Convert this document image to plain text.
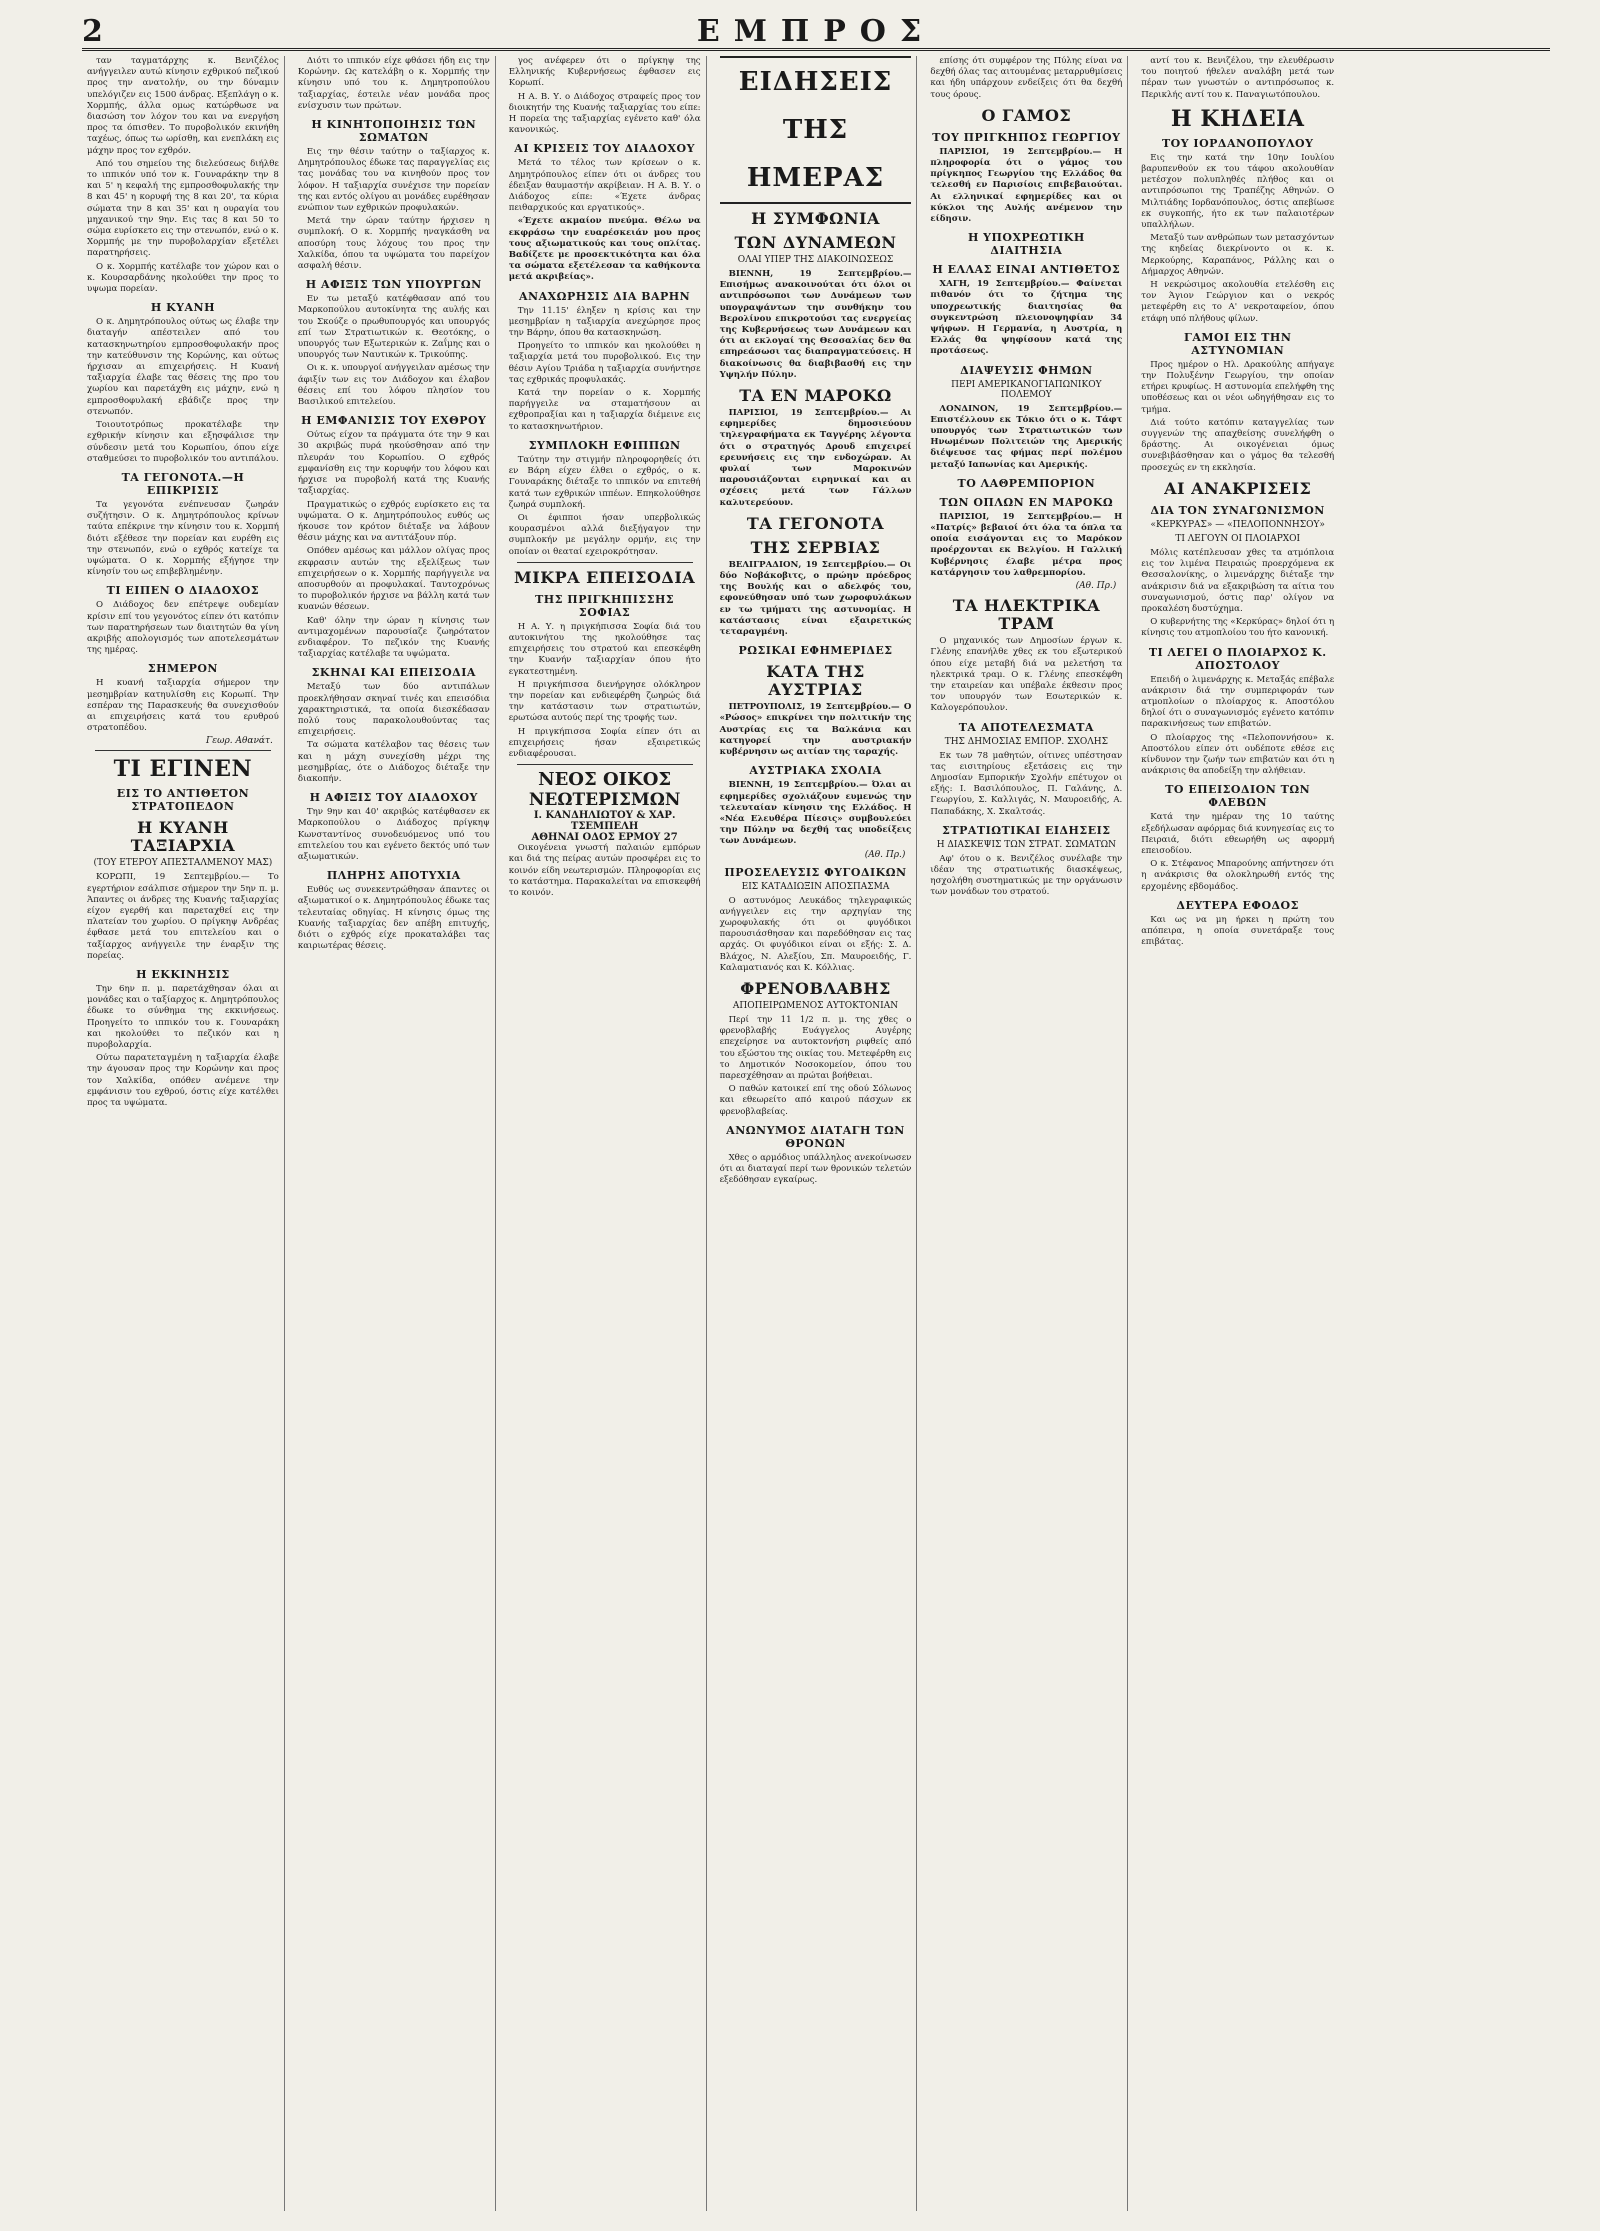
2	ΕΜΠΡΟΣ

ταν ταγματάρχης κ. Βενιζέλος ανήγγειλεν αυτώ κίνησιν εχθρικού πεζικού προς την ανατολήν, ου την δύναμιν υπελόγιζεν εις 1500 άνδρας. Εξεπλάγη ο κ. Χορμπής, άλλα ομως κατώρθωσε να διασώση τον λόχον του και να ενεργήση προς τα όπισθεν. Το πυροβολικόν εκινήθη ταχέως, όπως τω ωρίσθη, και ενεπλάκη εις μάχην προς τον εχθρόν.

Από του σημείου της διελεύσεως διήλθε το ιππικόν υπό τον κ. Γουναράκην την 8 και 5' η κεφαλή της εμπροσθοφυλακής την 8 και 45' η κορυφή της 8 και 20', τα κύρια σώματα την 8 και 35' και η ουραγία του μηχανικού την 9ην. Εις τας 8 και 50 το σώμα ευρίσκετο εις την στενωπόν, ενώ ο κ. Χορμπής με την πυροβολαρχίαν εξετέλει παρατηρήσεις.

Ο κ. Χορμπής κατέλαβε τον χώρον και ο κ. Κουρσαρδάνης ηκολούθει την προς το υψωμα πορείαν.

Η ΚΥΑΝΗ

Ο κ. Δημητρόπουλος ούτως ως έλαβε την διαταγήν απέστειλεν από του κατασκηνωτηρίου εμπροσθοφυλακήν προς την κατεύθυνσιν της Κορώνης, και ούτως ήρχισαν αι επιχειρήσεις. Η Κυανή ταξιαρχία έλαβε τας θέσεις της προ του χωρίου και παρετάχθη εις μάχην, ενώ η εμπροσθοφυλακή εβάδιζε προς την στενωπόν.

Τοιουτοτρόπως προκατέλαβε την εχθρικήν κίνησιν και εξησφάλισε την σύνδεσιν μετά του Κορωπίου, όπου είχε σταθμεύσει το πυροβολικόν του αντιπάλου.

ΤΑ ΓΕΓΟΝΟΤΑ.—Η ΕΠΙΚΡΙΣΙΣ

Τα γεγονότα ενέπνευσαν ζωηράν συζήτησιν. Ο κ. Δημητρόπουλος κρίνων ταύτα επέκρινε την κίνησιν του κ. Χορμπή διότι εξέθεσε την πορείαν και ευρέθη εις την στενωπόν, ενώ ο εχθρός κατείχε τα υψώματα. Ο κ. Χορμπής εξήγησε την κίνησίν του ως επιβεβλημένην.

ΤΙ ΕΙΠΕΝ Ο ΔΙΑΔΟΧΟΣ

Ο Διάδοχος δεν επέτρεψε ουδεμίαν κρίσιν επί του γεγονότος είπεν ότι κατόπιν των παρατηρήσεων των διαιτητών θα γίνη ακριβής απολογισμός των αποτελεσμάτων της ημέρας.

ΣΗΜΕΡΟΝ

Η κυανή ταξιαρχία σήμερον την μεσημβρίαν κατηυλίσθη εις Κορωπί. Την εσπέραν της Παρασκευής θα συνεχισθούν αι επιχειρήσεις κατά του ερυθρού στρατοπέδου.

Γεωρ. Αθανάτ.
ΤΙ ΕΓΙΝΕΝ
ΕΙΣ ΤΟ ΑΝΤΙΘΕΤΟΝ ΣΤΡΑΤΟΠΕΔΟΝ
Η ΚΥΑΝΗ ΤΑΞΙΑΡΧΙΑ
(ΤΟΥ ΕΤΕΡΟΥ ΑΠΕΣΤΑΛΜΕΝΟΥ ΜΑΣ)

ΚΟΡΩΠΙ, 19 Σεπτεμβρίου.— Το εγερτήριον εσάλπισε σήμερον την 5ην π. μ. Άπαντες οι άνδρες της Κυανής ταξιαρχίας είχον εγερθή και παρεταχθεί εις την πλατείαν του χωρίου. Ο πρίγκηψ Ανδρέας έφθασε μετά του επιτελείου και ο ταξίαρχος ανήγγειλε την έναρξιν της πορείας.

Η ΕΚΚΙΝΗΣΙΣ

Την 6ην π. μ. παρετάχθησαν όλαι αι μονάδες και ο ταξίαρχος κ. Δημητρόπουλος έδωκε το σύνθημα της εκκινήσεως. Προηγείτο το ιππικόν του κ. Γουναράκη και ηκολούθει το πεζικόν και η πυροβολαρχία.

Ούτω παρατεταγμένη η ταξιαρχία έλαβε την άγουσαν προς την Κορώνην και προς τον Χαλκίδα, οπόθεν ανέμενε την εμφάνισιν του εχθρού, όστις είχε κατέλθει προς τα υψώματα.

Διότι το ιππικόν είχε φθάσει ήδη εις την Κορώνην. Ως κατελάβη ο κ. Χορμπής την κίνησιν υπό του κ. Δημητροπούλου ταξιαρχίας, έστειλε νέαν μονάδα προς ενίσχυσιν των πρώτων.

Η ΚΙΝΗΤΟΠΟΙΗΣΙΣ ΤΩΝ ΣΩΜΑΤΩΝ

Εις την θέσιν ταύτην ο ταξίαρχος κ. Δημητρόπουλος έδωκε τας παραγγελίας εις τας μονάδας του να κινηθούν προς τον λόφον. Η ταξιαρχία συνέχισε την πορείαν της και εντός ολίγου αι μονάδες ευρέθησαν ενώπιον των εχθρικών προφυλακών.

Μετά την ώραν ταύτην ήρχισεν η συμπλοκή. Ο κ. Χορμπής ηναγκάσθη να αποσύρη τους λόχους του προς την Χαλκίδα, όπου τα υψώματα του παρείχον ασφαλή θέσιν.

Η ΑΦΙΞΙΣ ΤΩΝ ΥΠΟΥΡΓΩΝ

Εν τω μεταξύ κατέφθασαν από του Μαρκοπούλου αυτοκίνητα της αυλής και του Σκούζε ο πρωθυπουργός και υπουργός επί των Στρατιωτικών κ. Θεοτόκης, ο υπουργός των Εξωτερικών κ. Ζαΐμης και ο υπουργός των Ναυτικών κ. Τρικούπης.

Οι κ. κ. υπουργοί ανήγγειλαν αμέσως την άφιξίν των εις τον Διάδοχον και έλαβον θέσεις επί του λόφου πλησίον του Βασιλικού επιτελείου.

Η ΕΜΦΑΝΙΣΙΣ ΤΟΥ ΕΧΘΡΟΥ

Ούτως είχον τα πράγματα ότε την 9 και 30 ακριβώς πυρά ηκούσθησαν από την πλευράν του Κορωπίου. Ο εχθρός εμφανίσθη εις την κορυφήν του λόφου και ήρχισε να πυροβολή κατά της Κυανής ταξιαρχίας.

Πραγματικώς ο εχθρός ευρίσκετο εις τα υψώματα. Ο κ. Δημητρόπουλος ευθύς ως ήκουσε τον κρότον διέταξε να λάβουν θέσιν μάχης και να αντιτάξουν πύρ.

Οπόθεν αμέσως και μάλλον ολίγας προς εκφρασιν αυτών της εξελίξεως των επιχειρήσεων ο κ. Χορμπής παρήγγειλε να αποσυρθούν αι προφυλακαί. Ταυτοχρόνως το πυροβολικόν ήρχισε να βάλλη κατά των κυανών θέσεων.

Καθ' όλην την ώραν η κίνησις των αντιμαχομένων παρουσίαζε ζωηρότατον ενδιαφέρον. Το πεζικόν της Κυανής ταξιαρχίας κατέλαβε τα υψώματα.

ΣΚΗΝΑΙ ΚΑΙ ΕΠΕΙΣΟΔΙΑ

Μεταξύ των δύο αντιπάλων προεκλήθησαν σκηναί τινές και επεισόδια χαρακτηριστικά, τα οποία διεσκέδασαν πολύ τους παρακολουθούντας τας επιχειρήσεις.

Τα σώματα κατέλαβον τας θέσεις των και η μάχη συνεχίσθη μέχρι της μεσημβρίας, ότε ο Διάδοχος διέταξε την διακοπήν.

Η ΑΦΙΞΙΣ ΤΟΥ ΔΙΑΔΟΧΟΥ

Την 9ην και 40' ακριβώς κατέφθασεν εκ Μαρκοπούλου ο Διάδοχος πρίγκηψ Κωνσταντίνος συνοδευόμενος υπό του επιτελείου του και εγένετο δεκτός υπό των αξιωματικών.

ΠΛΗΡΗΣ ΑΠΟΤΥΧΙΑ

Ευθύς ως συνεκεντρώθησαν άπαντες οι αξιωματικοί ο κ. Δημητρόπουλος έδωκε τας τελευταίας οδηγίας. Η κίνησις όμως της Κυανής ταξιαρχίας δεν απέβη επιτυχής, διότι ο εχθρός είχε προκαταλάβει τας καιριωτέρας θέσεις.

γος ανέφερεν ότι ο πρίγκηψ της Ελληνικής Κυβερνήσεως έφθασεν εις Κορωπί.

Η Α. Β. Υ. ο Διάδοχος στραφείς προς τον διοικητήν της Κυανής ταξιαρχίας του είπε: Η πορεία της ταξιαρχίας εγένετο καθ' όλα κανονικώς.

ΑΙ ΚΡΙΣΕΙΣ ΤΟΥ ΔΙΑΔΟΧΟΥ

Μετά το τέλος των κρίσεων ο κ. Δημητρόπουλος είπεν ότι οι άνδρες του έδειξαν θαυμαστήν ακρίβειαν. Η Α. Β. Υ. ο Διάδοχος είπε: «Έχετε άνδρας πειθαρχικούς και εργατικούς».

«Έχετε ακμαίον πνεύμα. Θέλω να εκφράσω την ευαρέσκειάν μου προς τους αξιωματικούς και τους οπλίτας. Βαδίζετε με προσεκτικότητα και όλα τα σώματα εξετέλεσαν τα καθήκοντα μετά ακριβείας».

ΑΝΑΧΩΡΗΣΙΣ ΔΙΑ ΒΑΡΗΝ

Την 11.15' έληξεν η κρίσις και την μεσημβρίαν η ταξιαρχία ανεχώρησε προς την Βάρην, όπου θα κατασκηνώση.

Προηγείτο το ιππικόν και ηκολούθει η ταξιαρχία μετά του πυροβολικού. Εις την θέσιν Αγίου Τριάδα η ταξιαρχία συνήντησε τας εχθρικάς προφυλακάς.

Κατά την πορείαν ο κ. Χορμπής παρήγγειλε να σταματήσουν αι εχθροπραξίαι και η ταξιαρχία διέμεινε εις το κατασκηνωτήριον.

ΣΥΜΠΛΟΚΗ ΕΦΙΠΠΩΝ

Ταύτην την στιγμήν πληροφορηθείς ότι εν Βάρη είχεν έλθει ο εχθρός, ο κ. Γουναράκης διέταξε το ιππικόν να επιτεθή κατά των εχθρικών ιππέων. Επηκολούθησε ζωηρά συμπλοκή.

Οι έφιπποι ήσαν υπερβολικώς κουρασμένοι αλλά διεξήγαγον την συμπλοκήν με μεγάλην ορμήν, εις την οποίαν οι θεαταί εχειροκρότησαν.

ΜΙΚΡΑ ΕΠΕΙΣΟΔΙΑ
ΤΗΣ ΠΡΙΓΚΗΠΙΣΣΗΣ ΣΟΦΙΑΣ

Η Α. Υ. η πριγκήπισσα Σοφία διά του αυτοκινήτου της ηκολούθησε τας επιχειρήσεις του στρατού και επεσκέφθη την Κυανήν ταξιαρχίαν όπου ήτο εγκατεστημένη.

Η πριγκήπισσα διενήργησε ολόκληρον την πορείαν και ενδιεφέρθη ζωηρώς διά την κατάστασιν των στρατιωτών, ερωτώσα αυτούς περί της τροφής των.

Η πριγκήπισσα Σοφία είπεν ότι αι επιχειρήσεις ήσαν εξαιρετικώς ενδιαφέρουσαι.

ΝΕΟΣ ΟΙΚΟΣ
ΝΕΩΤΕΡΙΣΜΩΝ
Ι. ΚΑΝΔΗΛΙΩΤΟΥ & ΧΑΡ. ΤΣΕΜΠΕΛΗ
ΑΘΗΝΑΙ ΟΔΟΣ ΕΡΜΟΥ 27

Οικογένεια γνωστή παλαιών εμπόρων και διά της πείρας αυτών προσφέρει εις το κοινόν είδη νεωτερισμών. Πληροφορίαι εις το κατάστημα. Παρακαλείται να επισκεφθή το κοινόν.

ΕΙΔΗΣΕΙΣ ΤΗΣ ΗΜΕΡΑΣ
Η ΣΥΜΦΩΝΙΑ
ΤΩΝ ΔΥΝΑΜΕΩΝ
ΟΛΑΙ ΥΠΕΡ ΤΗΣ ΔΙΑΚΟΙΝΩΣΕΩΣ

ΒΙΕΝΝΗ, 19 Σεπτεμβρίου.— Επισήμως ανακοινούται ότι όλοι οι αντιπρόσωποι των Δυνάμεων των υπογραψάντων την συνθήκην του Βερολίνου επικροτούσι τας ενεργείας της Κυβερνήσεως των Δυνάμεων και ότι αι εκλογαί της Θεσσαλίας δεν θα επηρεάσωσι τας διαπραγματεύσεις. Η διακοίνωσις θα διαβιβασθή εις την Υψηλήν Πύλην.

ΤΑ ΕΝ ΜΑΡΟΚΩ

ΠΑΡΙΣΙΟΙ, 19 Σεπτεμβρίου.— Αι εφημερίδες δημοσιεύουν τηλεγραφήματα εκ Ταγγέρης λέγοντα ότι ο στρατηγός Δρουδ επιχειρεί ερευνήσεις εις την ενδοχώραν. Αι φυλαί των Μαροκινών παρουσιάζονται ειρηνικαί και αι σχέσεις μετά των Γάλλων καλυτερεύουν.

ΤΑ ΓΕΓΟΝΟΤΑ
ΤΗΣ ΣΕΡΒΙΑΣ

ΒΕΛΙΓΡΑΔΙΟΝ, 19 Σεπτεμβρίου.— Οι δύο Νοβάκοβιτς, ο πρώην πρόεδρος της Βουλής και ο αδελφός του, εφονεύθησαν υπό των χωροφυλάκων εν τω τμήματι της αστυνομίας. Η κατάστασις είναι εξαιρετικώς τεταραγμένη.

ΡΩΣΙΚΑΙ ΕΦΗΜΕΡΙΔΕΣ
ΚΑΤΑ ΤΗΣ ΑΥΣΤΡΙΑΣ

ΠΕΤΡΟΥΠΟΛΙΣ, 19 Σεπτεμβρίου.— Ο «Ρώσος» επικρίνει την πολιτικήν της Αυστρίας εις τα Βαλκάνια και κατηγορεί την αυστριακήν κυβέρνησιν ως αιτίαν της ταραχής.

ΑΥΣΤΡΙΑΚΑ ΣΧΟΛΙΑ

ΒΙΕΝΝΗ, 19 Σεπτεμβρίου.— Όλαι αι εφημερίδες σχολιάζουν ευμενώς την τελευταίαν κίνησιν της Ελλάδος. Η «Νέα Ελευθέρα Πίεσις» συμβουλεύει την Πύλην να δεχθή τας υποδείξεις των Δυνάμεων.

(Αθ. Πρ.)
ΠΡΟΣΕΛΕΥΣΙΣ ΦΥΓΟΔΙΚΩΝ
ΕΙΣ ΚΑΤΑΔΙΩΞΙΝ ΑΠΟΣΠΑΣΜΑ

Ο αστυνόμος Λευκάδος τηλεγραφικώς ανήγγειλεν εις την αρχηγίαν της χωροφυλακής ότι οι φυγόδικοι παρουσιάσθησαν και παρεδόθησαν εις τας αρχάς. Οι φυγόδικοι είναι οι εξής: Σ. Δ. Βλάχος, Ν. Αλεξίου, Σπ. Μαυροειδής, Γ. Καλαματιανός και Κ. Κόλλιας.

ΦΡΕΝΟΒΛΑΒΗΣ
ΑΠΟΠΕΙΡΩΜΕΝΟΣ ΑΥΤΟΚΤΟΝΙΑΝ

Περί την 11 1/2 π. μ. της χθες ο φρενοβλαβής Ευάγγελος Αυγέρης επεχείρησε να αυτοκτονήση ριφθείς από του εξώστου της οικίας του. Μετεφέρθη εις το Δημοτικόν Νοσοκομείον, όπου του παρεσχέθησαν αι πρώται βοήθειαι.

Ο παθών κατοικεί επί της οδού Σόλωνος και εθεωρείτο από καιρού πάσχων εκ φρενοβλαβείας.

ΑΝΩΝΥΜΟΣ ΔΙΑΤΑΓΗ ΤΩΝ ΘΡΟΝΩΝ

Χθες ο αρμόδιος υπάλληλος ανεκοίνωσεν ότι αι διαταγαί περί των θρονικών τελετών εξεδόθησαν εγκαίρως.

επίσης ότι συμφέρον της Πύλης είναι να δεχθή όλας τας αιτουμένας μεταρρυθμίσεις και ήδη υπάρχουν ενδείξεις ότι θα δεχθή τους όρους.

Ο ΓΑΜΟΣ
ΤΟΥ ΠΡΙΓΚΗΠΟΣ ΓΕΩΡΓΙΟΥ

ΠΑΡΙΣΙΟΙ, 19 Σεπτεμβρίου.— Η πληροφορία ότι ο γάμος του πρίγκηπος Γεωργίου της Ελλάδος θα τελεσθή εν Παρισίοις επιβεβαιούται. Αι ελληνικαί εφημερίδες και οι κύκλοι της Αυλής ανέμενον την είδησιν.

Η ΥΠΟΧΡΕΩΤΙΚΗ ΔΙΑΙΤΗΣΙΑ
Η ΕΛΛΑΣ ΕΙΝΑΙ ΑΝΤΙΘΕΤΟΣ

ΧΑΓΗ, 19 Σεπτεμβρίου.— Φαίνεται πιθανόν ότι το ζήτημα της υποχρεωτικής διαιτησίας θα συγκεντρώση πλειονοψηφίαν 34 ψήφων. Η Γερμανία, η Αυστρία, η Ελλάς θα ψηφίσουν κατά της προτάσεως.

ΔΙΑΨΕΥΣΙΣ ΦΗΜΩΝ
ΠΕΡΙ ΑΜΕΡΙΚΑΝΟΓΙΑΠΩΝΙΚΟΥ ΠΟΛΕΜΟΥ

ΛΟΝΔΙΝΟΝ, 19 Σεπτεμβρίου.— Επιστέλλουν εκ Τόκιο ότι ο κ. Τάφτ υπουργός των Στρατιωτικών των Ηνωμένων Πολιτειών της Αμερικής διέψευσε τας φήμας περί πολέμου μεταξύ Ιαπωνίας και Αμερικής.

ΤΟ ΛΑΘΡΕΜΠΟΡΙΟΝ
ΤΩΝ ΟΠΛΩΝ ΕΝ ΜΑΡΟΚΩ

ΠΑΡΙΣΙΟΙ, 19 Σεπτεμβρίου.— Η «Πατρίς» βεβαιοί ότι όλα τα όπλα τα οποία εισάγονται εις το Μαρόκον προέρχονται εκ Βελγίου. Η Γαλλική Κυβέρνησις έλαβε μέτρα προς κατάργησιν του λαθρεμπορίου.

(Αθ. Πρ.)
ΤΑ ΗΛΕΚΤΡΙΚΑ ΤΡΑΜ

Ο μηχανικός των Δημοσίων έργων κ. Γλένης επανήλθε χθες εκ του εξωτερικού όπου είχε μεταβή διά να μελετήση τα ηλεκτρικά τραμ. Ο κ. Γλένης επεσκέφθη την εταιρείαν και υπέβαλε έκθεσιν προς τον υπουργόν των Εσωτερικών κ. Καλογερόπουλον.

ΤΑ ΑΠΟΤΕΛΕΣΜΑΤΑ
ΤΗΣ ΔΗΜΟΣΙΑΣ ΕΜΠΟΡ. ΣΧΟΛΗΣ

Εκ των 78 μαθητών, οίτινες υπέστησαν τας εισιτηρίους εξετάσεις εις την Δημοσίαν Εμπορικήν Σχολήν επέτυχον οι εξής: Ι. Βασιλόπουλος, Π. Γαλάνης, Δ. Γεωργίου, Σ. Καλλιγάς, Ν. Μαυροειδής, Α. Παπαδάκης, Χ. Σκαλτσάς.

ΣΤΡΑΤΙΩΤΙΚΑΙ ΕΙΔΗΣΕΙΣ
Η ΔΙΑΣΚΕΨΙΣ ΤΩΝ ΣΤΡΑΤ. ΣΩΜΑΤΩΝ

Αφ' ότου ο κ. Βενιζέλος συνέλαβε την ιδέαν της στρατιωτικής διασκέψεως, ησχολήθη συστηματικώς με την οργάνωσιν των μονάδων του στρατού.

αντί του κ. Βενιζέλου, την ελευθέρωσιν του ποιητού ήθελεν αναλάβη μετά των πέραν των γνωστών ο αντιπρόσωπος κ. Περικλής αντί του κ. Παναγιωτόπουλου.

Η ΚΗΔΕΙΑ
ΤΟΥ ΙΟΡΔΑΝΟΠΟΥΛΟΥ

Εις την κατά την 10ην Ιουλίου βαρυπενθούν εκ του τάφου ακολουθίαν μετέσχον πολυπληθές πλήθος και οι αντιπρόσωποι της Τραπέζης Αθηνών. Ο Μιλτιάδης Ιορδανόπουλος, όστις απεβίωσε εκ συγκοπής, ήτο εκ των παλαιοτέρων υπαλλήλων.

Μεταξύ των ανθρώπων των μετασχόντων της κηδείας διεκρίνοντο οι κ. κ. Μερκούρης, Καραπάνος, Ράλλης και ο Δήμαρχος Αθηνών.

Η νεκρώσιμος ακολουθία ετελέσθη εις τον Άγιον Γεώργιον και ο νεκρός μετεφέρθη εις το Α' νεκροταφείον, όπου ετάφη υπό πλήθους φίλων.

ΓΑΜΟΙ ΕΙΣ ΤΗΝ ΑΣΤΥΝΟΜΙΑΝ

Προς ημέρον ο Ηλ. Δρακούλης απήγαγε την Πολυξένην Γεωργίου, την οποίαν ετήρει κρυφίως. Η αστυνομία επελήφθη της υποθέσεως και οι νέοι ωδηγήθησαν εις το τμήμα.

Διά τούτο κατόπιν καταγγελίας των συγγενών της απαχθείσης συνελήφθη ο δράστης. Αι οικογένειαι όμως συνεβιβάσθησαν και ο γάμος θα τελεσθή προσεχώς εν τη εκκλησία.

ΑΙ ΑΝΑΚΡΙΣΕΙΣ
ΔΙΑ ΤΟΝ ΣΥΝΑΓΩΝΙΣΜΟΝ
«ΚΕΡΚΥΡΑΣ» — «ΠΕΛΟΠΟΝΝΗΣΟΥ»
ΤΙ ΛΕΓΟΥΝ ΟΙ ΠΛΟΙΑΡΧΟΙ

Μόλις κατέπλευσαν χθες τα ατμόπλοια εις τον λιμένα Πειραιώς προερχόμενα εκ Θεσσαλονίκης, ο λιμενάρχης διέταξε την ανάκρισιν διά να εξακριβώση τα αίτια του συναγωνισμού, όστις παρ' ολίγον να προκαλέση δυστύχημα.

Ο κυβερνήτης της «Κερκύρας» δηλοί ότι η κίνησις του ατμοπλοίου του ήτο κανονική.

ΤΙ ΛΕΓΕΙ Ο ΠΛΟΙΑΡΧΟΣ Κ. ΑΠΟΣΤΟΛΟΥ

Επειδή ο λιμενάρχης κ. Μεταξάς επέβαλε ανάκρισιν διά την συμπεριφοράν των ατμοπλοίων ο πλοίαρχος κ. Αποστόλου δηλοί ότι ο συναγωνισμός εγένετο κατόπιν παρακινήσεως των επιβατών.

Ο πλοίαρχος της «Πελοποννήσου» κ. Αποστόλου είπεν ότι ουδέποτε εθέσε εις κίνδυνον την ζωήν των επιβατών και ότι η ανάκρισις θα αποδείξη την αλήθειαν.

ΤΟ ΕΠΕΙΣΟΔΙΟΝ ΤΩΝ ΦΛΕΒΩΝ

Κατά την ημέραν της 10 ταύτης εξεδήλωσαν αφόρμας διά κυνηγεσίας εις το Πειραιά, διότι εθεωρήθη ως αφορμή επεισοδίου.

Ο κ. Στέφανος Μπαρούνης απήντησεν ότι η ανάκρισις θα ολοκληρωθή εντός της ερχομένης εβδομάδος.

ΔΕΥΤΕΡΑ ΕΦΟΔΟΣ

Και ως να μη ήρκει η πρώτη του απόπειρα, η οποία συνετάραξε τους επιβάτας.
